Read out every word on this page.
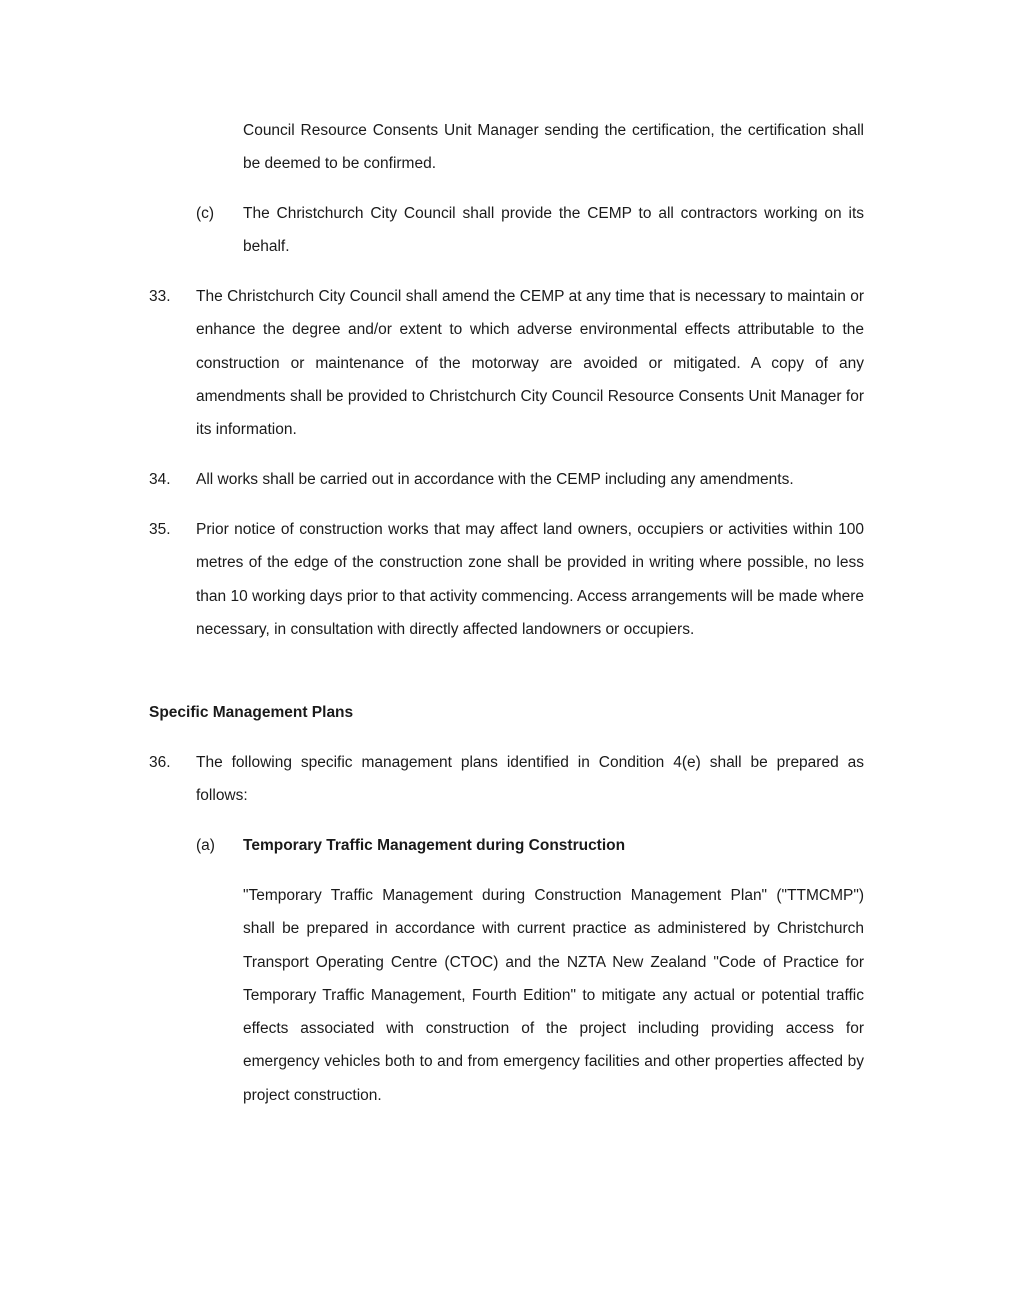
Council Resource Consents Unit Manager sending the certification, the certification shall be deemed to be confirmed.

(c) The Christchurch City Council shall provide the CEMP to all contractors working on its behalf.

33. The Christchurch City Council shall amend the CEMP at any time that is necessary to maintain or enhance the degree and/or extent to which adverse environmental effects attributable to the construction or maintenance of the motorway are avoided or mitigated. A copy of any amendments shall be provided to Christchurch City Council Resource Consents Unit Manager for its information.

34. All works shall be carried out in accordance with the CEMP including any amendments.

35. Prior notice of construction works that may affect land owners, occupiers or activities within 100 metres of the edge of the construction zone shall be provided in writing where possible, no less than 10 working days prior to that activity commencing. Access arrangements will be made where necessary, in consultation with directly affected landowners or occupiers.

Specific Management Plans

36. The following specific management plans identified in Condition 4(e) shall be prepared as follows:

(a) Temporary Traffic Management during Construction

"Temporary Traffic Management during Construction Management Plan" ("TTMCMP") shall be prepared in accordance with current practice as administered by Christchurch Transport Operating Centre (CTOC) and the NZTA New Zealand "Code of Practice for Temporary Traffic Management, Fourth Edition" to mitigate any actual or potential traffic effects associated with construction of the project including providing access for emergency vehicles both to and from emergency facilities and other properties affected by project construction.
